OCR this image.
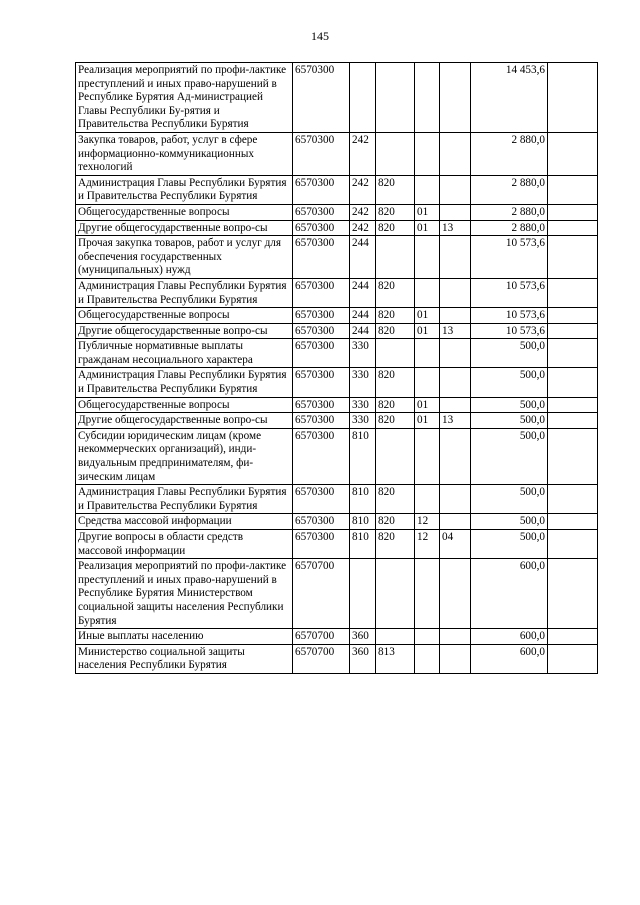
145
Реализация мероприятий по профи-лактике преступлений и иных право-нарушений в Республике Бурятия Ад-министрацией Главы Республики Бу-рятия и Правительства Республики Бурятия	6570300					14 453,6	
Закупка товаров, работ, услуг в сфере информационно-коммуникационных технологий	6570300	242				2 880,0	
Администрация Главы Республики Бурятия и Правительства Республики Бурятия	6570300	242	820			2 880,0	
Общегосударственные вопросы	6570300	242	820	01		2 880,0	
Другие общегосударственные вопро-сы	6570300	242	820	01	13	2 880,0	
Прочая закупка товаров, работ и услуг для обеспечения государственных (муниципальных) нужд	6570300	244				10 573,6	
Администрация Главы Республики Бурятия и Правительства Республики Бурятия	6570300	244	820			10 573,6	
Общегосударственные вопросы	6570300	244	820	01		10 573,6	
Другие общегосударственные вопро-сы	6570300	244	820	01	13	10 573,6	
Публичные нормативные выплаты гражданам несоциального характера	6570300	330				500,0	
Администрация Главы Республики Бурятия и Правительства Республики Бурятия	6570300	330	820			500,0	
Общегосударственные вопросы	6570300	330	820	01		500,0	
Другие общегосударственные вопро-сы	6570300	330	820	01	13	500,0	
Субсидии юридическим лицам (кроме некоммерческих организаций), инди-видуальным предпринимателям, фи-зическим лицам	6570300	810				500,0	
Администрация Главы Республики Бурятия и Правительства Республики Бурятия	6570300	810	820			500,0	
Средства массовой информации	6570300	810	820	12		500,0	
Другие вопросы в области средств массовой информации	6570300	810	820	12	04	500,0	
Реализация мероприятий по профи-лактике преступлений и иных право-нарушений в Республике Бурятия Министерством социальной защиты населения Республики Бурятия	6570700					600,0	
Иные выплаты населению	6570700	360				600,0	
Министерство социальной защиты населения Республики Бурятия	6570700	360	813			600,0	
